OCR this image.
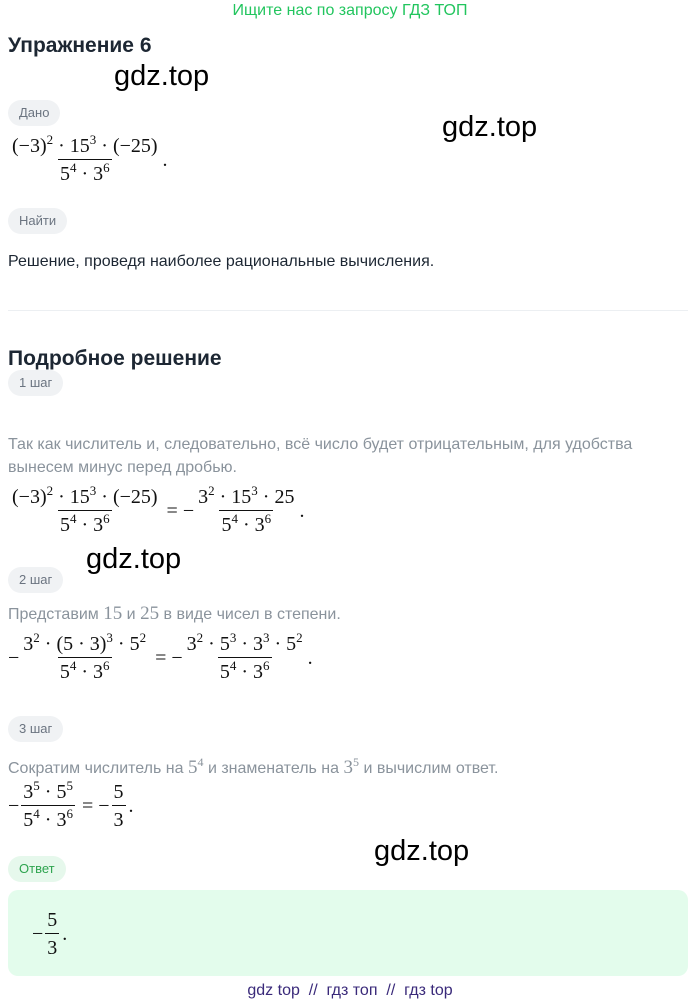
Ищите нас по запросу ГДЗ ТОП
Упражнение 6
gdz.top
gdz.top
Дано
$\frac{(-3)^2 \cdot 15^3 \cdot (-25)}{5^4 \cdot 3^6}$ .
Найти
Решение, проведя наиболее рациональные вычисления.
Подробное решение
1 шаг
Так как числитель и, следовательно, всё число будет отрицательным, для удобства вынесем минус перед дробью.
$\frac{(-3)^2 \cdot 15^3 \cdot (-25)}{5^4 \cdot 3^6}$ = − $\frac{3^2 \cdot 15^3 \cdot 25}{5^4 \cdot 3^6}$ .
gdz.top
2 шаг
Представим 15 и 25 в виде чисел в степени.
− $\frac{3^2 \cdot (5 \cdot 3)^3 \cdot 5^2}{5^4 \cdot 3^6}$ = − $\frac{3^2 \cdot 5^3 \cdot 3^3 \cdot 5^2}{5^4 \cdot 3^6}$ .
3 шаг
Сократим числитель на $5^4$ и знаменатель на $3^5$ и вычислим ответ.
− $\frac{3^5 \cdot 5^5}{5^4 \cdot 3^6}$ = − $\frac{5}{3}$ .
gdz.top
Ответ
− $\frac{5}{3}$ .
gdz top  //  гдз топ  //  гдз top
